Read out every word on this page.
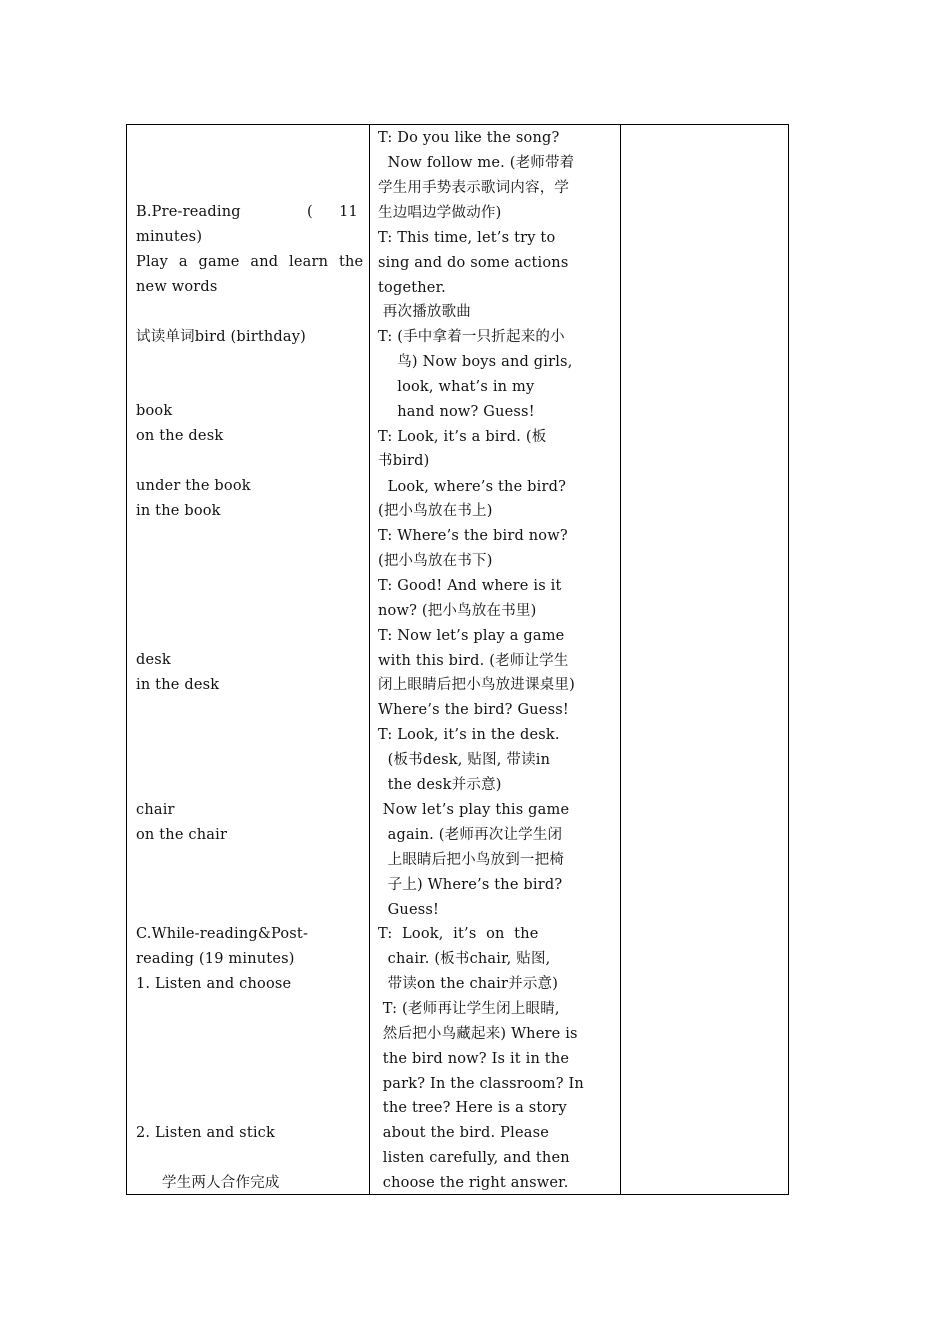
B.Pre-reading	( 11
minutes)
Play a game and learn the
new words
试读单词bird (birthday)
book
on the desk
under the book
in the book
desk
in the desk
chair
on the chair
C.While-reading&Post-
reading (19 minutes)
1. Listen and choose
2. Listen and stick
学生两人合作完成
T: Do you like the song?
Now follow me. (老师带着
学生用手势表示歌词内容，学
生边唱边学做动作)
T: This time, let’s try to
sing and do some actions
together.
再次播放歌曲
T: (手中拿着一只折起来的小
鸟) Now boys and girls,
look, what’s in my
hand now? Guess!
T: Look, it’s a bird. (板
书bird)
Look, where’s the bird?
(把小鸟放在书上)
T: Where’s the bird now?
(把小鸟放在书下)
T: Good! And where is it
now? (把小鸟放在书里)
T: Now let’s play a game
with this bird. (老师让学生
闭上眼睛后把小鸟放进课桌里)
Where’s the bird? Guess!
T: Look, it’s in the desk.
(板书desk, 贴图, 带读in
the desk并示意)
Now let’s play this game
again. (老师再次让学生闭
上眼睛后把小鸟放到一把椅
子上) Where’s the bird?
Guess!
T:  Look,  it’s  on  the
chair. (板书chair, 贴图,
带读on the chair并示意)
T: (老师再让学生闭上眼睛,
然后把小鸟藏起来) Where is
the bird now? Is it in the
park? In the classroom? In
the tree? Here is a story
about the bird. Please
listen carefully, and then
choose the right answer.
